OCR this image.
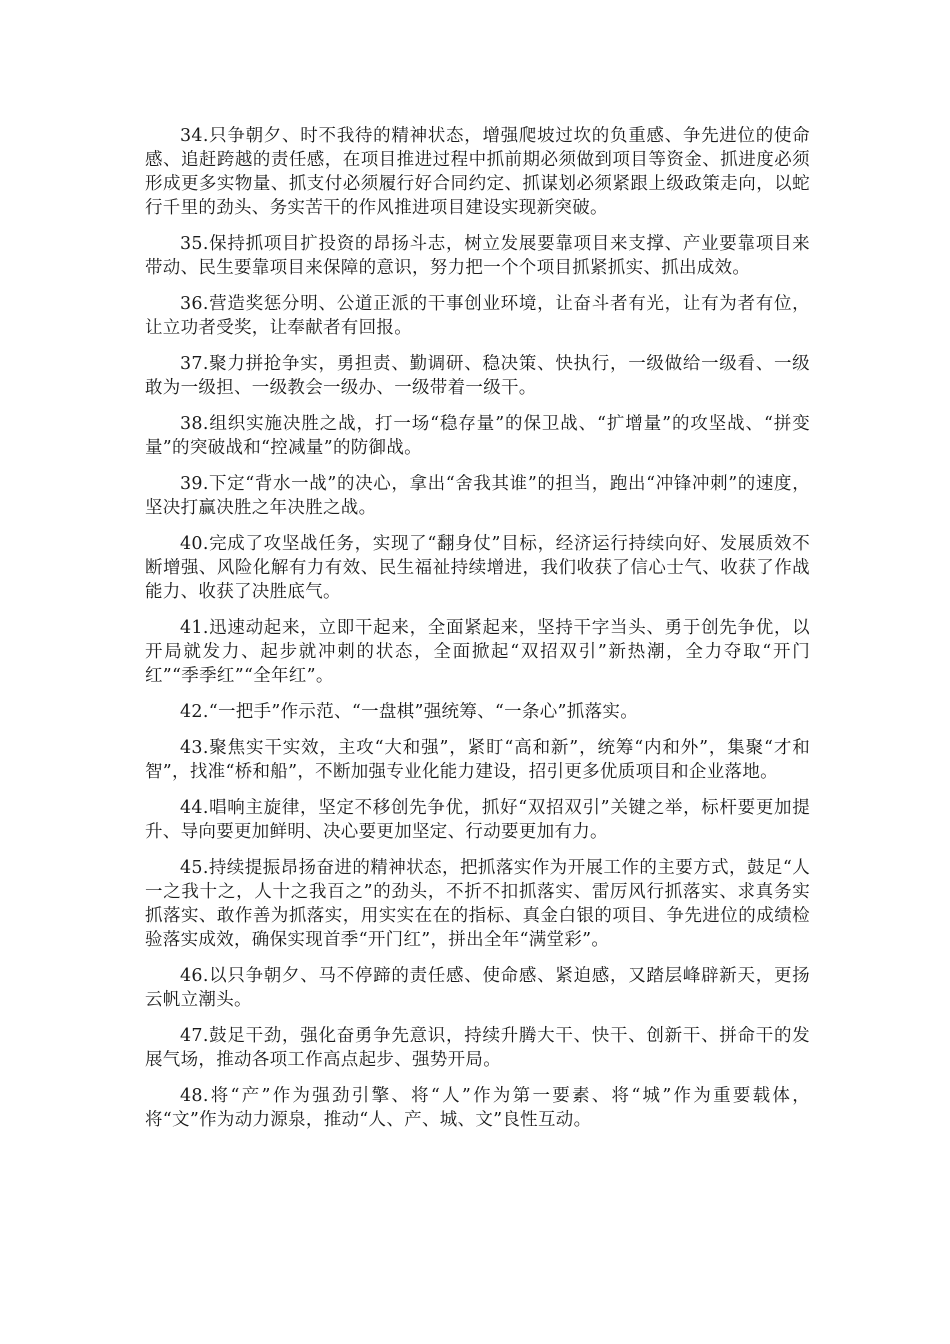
34.只争朝夕、时不我待的精神状态，增强爬坡过坎的负重感、争先进位的使命感、追赶跨越的责任感，在项目推进过程中抓前期必须做到项目等资金、抓进度必须形成更多实物量、抓支付必须履行好合同约定、抓谋划必须紧跟上级政策走向，以蛇行千里的劲头、务实苦干的作风推进项目建设实现新突破。

35.保持抓项目扩投资的昂扬斗志，树立发展要靠项目来支撑、产业要靠项目来带动、民生要靠项目来保障的意识，努力把一个个项目抓紧抓实、抓出成效。

36.营造奖惩分明、公道正派的干事创业环境，让奋斗者有光，让有为者有位，让立功者受奖，让奉献者有回报。

37.聚力拼抢争实，勇担责、勤调研、稳决策、快执行，一级做给一级看、一级敢为一级担、一级教会一级办、一级带着一级干。

38.组织实施决胜之战，打一场“稳存量”的保卫战、“扩增量”的攻坚战、“拼变量”的突破战和“控减量”的防御战。

39.下定“背水一战”的决心，拿出“舍我其谁”的担当，跑出“冲锋冲刺”的速度，坚决打赢决胜之年决胜之战。

40.完成了攻坚战任务，实现了“翻身仗”目标，经济运行持续向好、发展质效不断增强、风险化解有力有效、民生福祉持续增进，我们收获了信心士气、收获了作战能力、收获了决胜底气。

41.迅速动起来，立即干起来，全面紧起来，坚持干字当头、勇于创先争优，以开局就发力、起步就冲刺的状态，全面掀起“双招双引”新热潮，全力夺取“开门红”“季季红”“全年红”。

42.“一把手”作示范、“一盘棋”强统筹、“一条心”抓落实。

43.聚焦实干实效，主攻“大和强”，紧盯“高和新”，统筹“内和外”，集聚“才和智”，找准“桥和船”，不断加强专业化能力建设，招引更多优质项目和企业落地。

44.唱响主旋律，坚定不移创先争优，抓好“双招双引”关键之举，标杆要更加提升、导向要更加鲜明、决心要更加坚定、行动要更加有力。

45.持续提振昂扬奋进的精神状态，把抓落实作为开展工作的主要方式，鼓足“人一之我十之，人十之我百之”的劲头，不折不扣抓落实、雷厉风行抓落实、求真务实抓落实、敢作善为抓落实，用实实在在的指标、真金白银的项目、争先进位的成绩检验落实成效，确保实现首季“开门红”，拼出全年“满堂彩”。

46.以只争朝夕、马不停蹄的责任感、使命感、紧迫感，又踏层峰辟新天，更扬云帆立潮头。

47.鼓足干劲，强化奋勇争先意识，持续升腾大干、快干、创新干、拼命干的发展气场，推动各项工作高点起步、强势开局。

48.将“产”作为强劲引擎、将“人”作为第一要素、将“城”作为重要载体，将“文”作为动力源泉，推动“人、产、城、文”良性互动。
